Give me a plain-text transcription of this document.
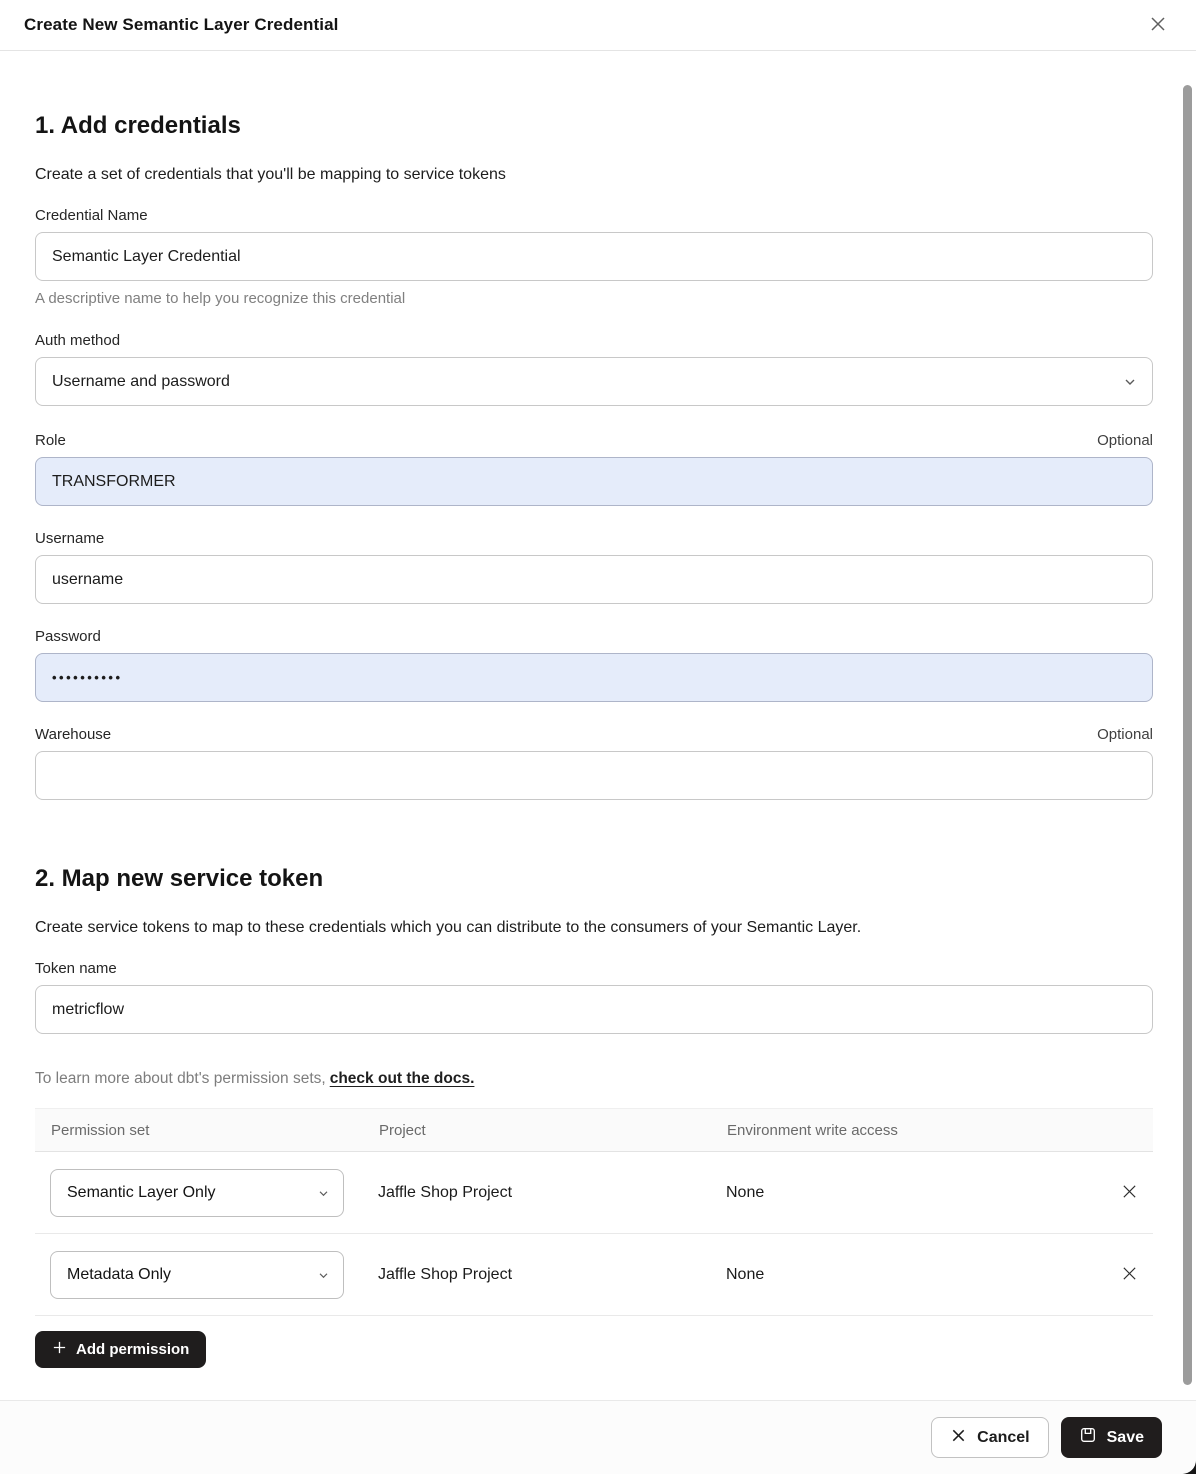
Create New Semantic Layer Credential
1. Add credentials

Create a set of credentials that you'll be mapping to service tokens

Credential Name
Semantic Layer Credential
A descriptive name to help you recognize this credential
Auth method
Username and password
Role	Optional
TRANSFORMER
Username
username
Password
••••••••••
Warehouse	Optional
2. Map new service token

Create service tokens to map to these credentials which you can distribute to the consumers of your Semantic Layer.

Token name
metricflow
To learn more about dbt's permission sets, check out the docs.
Permission set	Project	Environment write access
Semantic Layer Only	Jaffle Shop Project	None
Metadata Only	Jaffle Shop Project	None
Add permission
Cancel	Save
